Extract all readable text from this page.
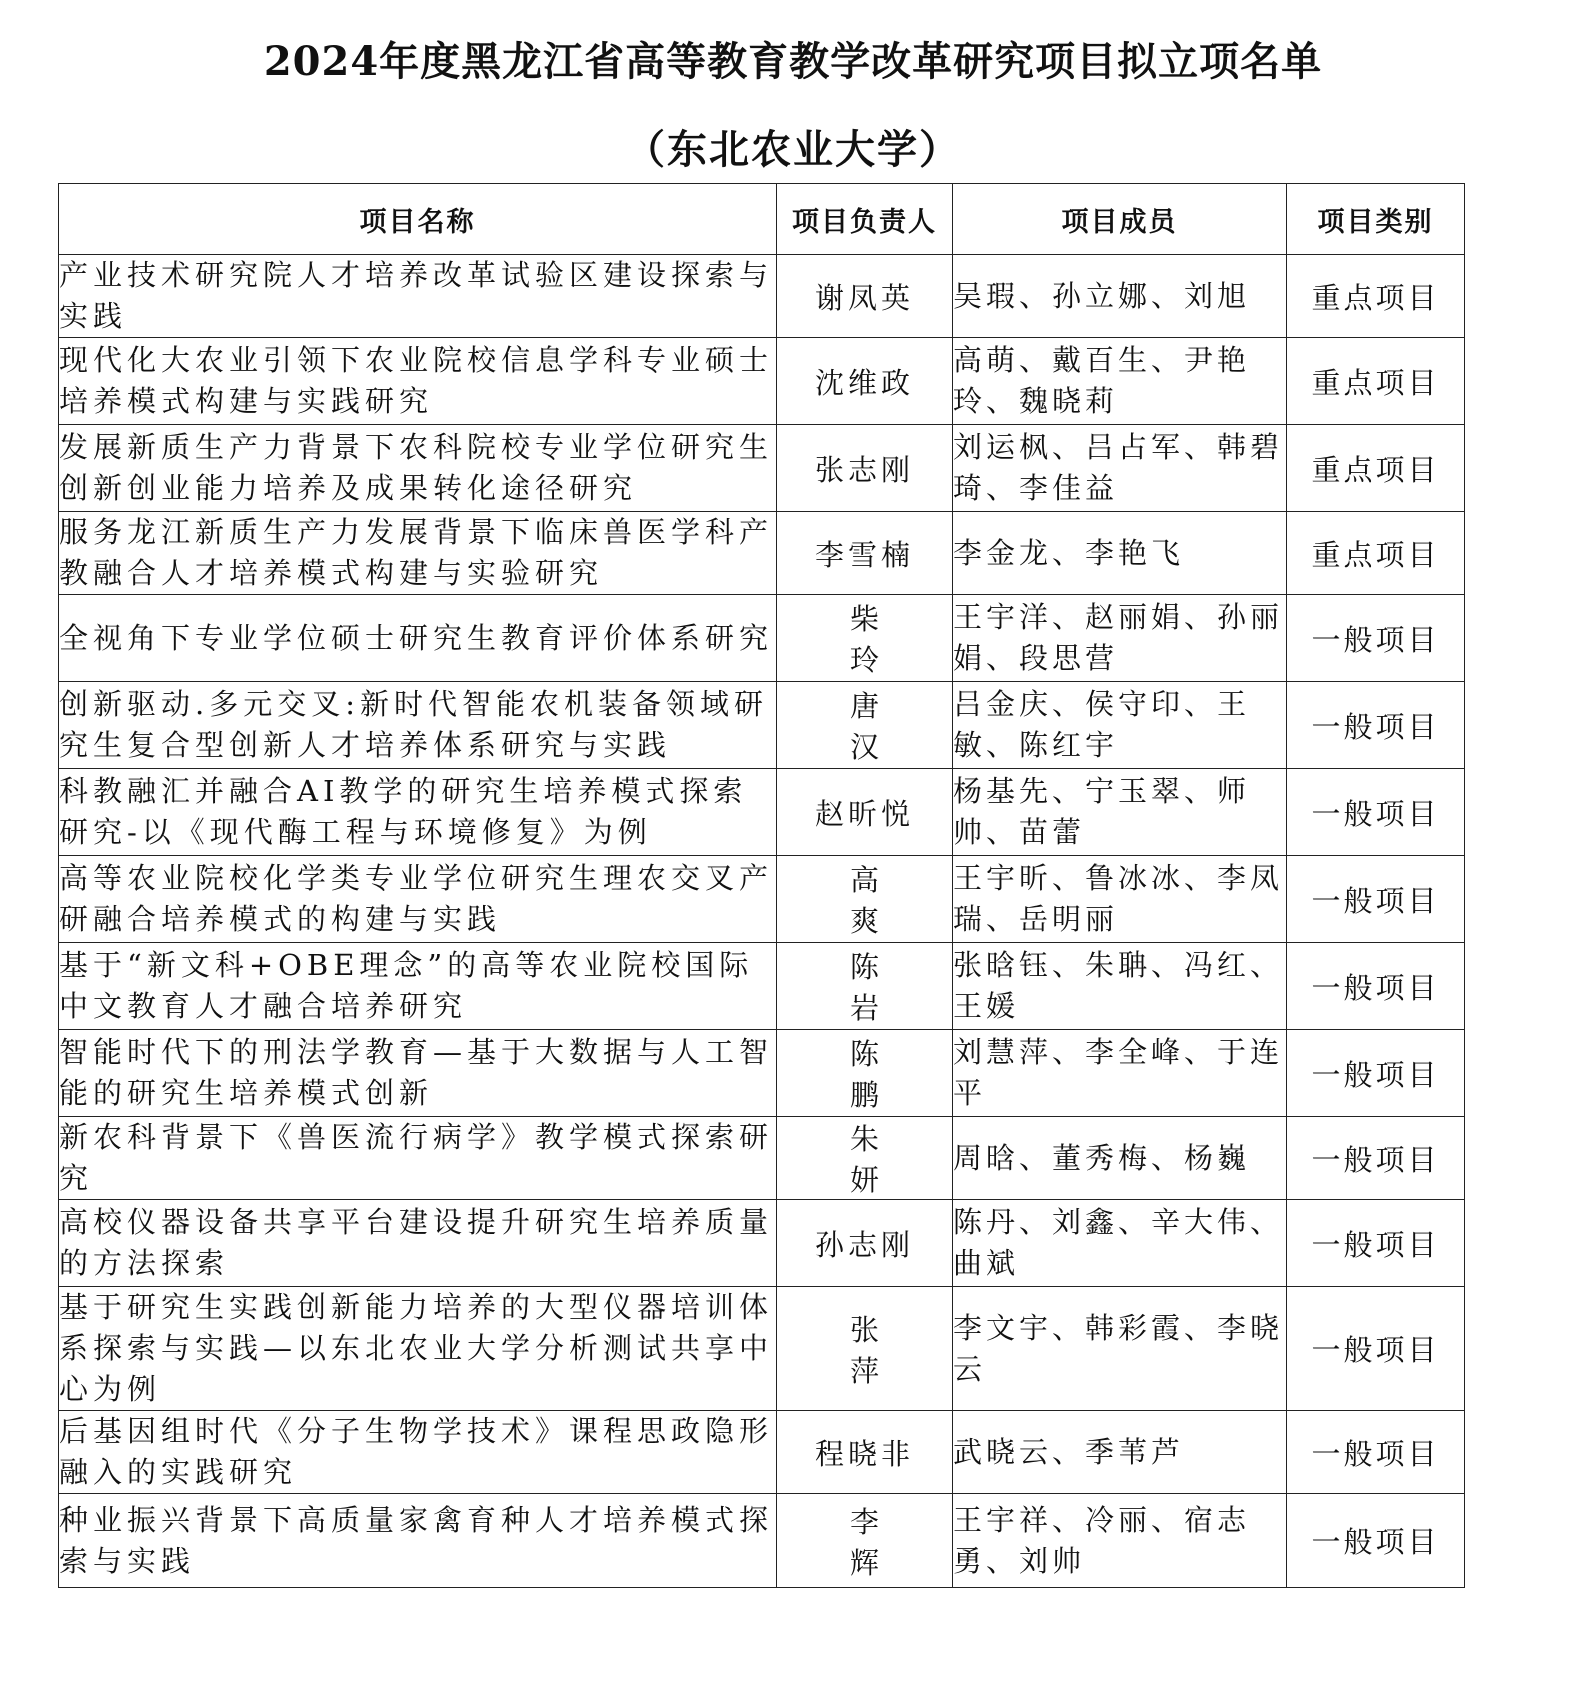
2024年度黑龙江省高等教育教学改革研究项目拟立项名单
（东北农业大学）
项目名称	项目负责人	项目成员	项目类别
产业技术研究院人才培养改革试验区建设探索与实践	谢凤英	吴瑕、孙立娜、刘旭	重点项目
现代化大农业引领下农业院校信息学科专业硕士培养模式构建与实践研究	沈维政	高萌、戴百生、尹艳玲、魏晓莉	重点项目
发展新质生产力背景下农科院校专业学位研究生创新创业能力培养及成果转化途径研究	张志刚	刘运枫、吕占军、韩碧琦、李佳益	重点项目
服务龙江新质生产力发展背景下临床兽医学科产教融合人才培养模式构建与实验研究	李雪楠	李金龙、李艳飞	重点项目
全视角下专业学位硕士研究生教育评价体系研究	柴玲	王宇洋、赵丽娟、孙丽娟、段思营	一般项目
创新驱动.多元交叉:新时代智能农机装备领域研究生复合型创新人才培养体系研究与实践	唐汉	吕金庆、侯守印、王敏、陈红宇	一般项目
科教融汇并融合AI教学的研究生培养模式探索研究-以《现代酶工程与环境修复》为例	赵昕悦	杨基先、宁玉翠、师帅、苗蕾	一般项目
高等农业院校化学类专业学位研究生理农交叉产研融合培养模式的构建与实践	高爽	王宇昕、鲁冰冰、李凤瑞、岳明丽	一般项目
基于“新文科+OBE理念”的高等农业院校国际中文教育人才融合培养研究	陈岩	张晗钰、朱聃、冯红、王媛	一般项目
智能时代下的刑法学教育—基于大数据与人工智能的研究生培养模式创新	陈鹏	刘慧萍、李全峰、于连平	一般项目
新农科背景下《兽医流行病学》教学模式探索研究	朱妍	周晗、董秀梅、杨巍	一般项目
高校仪器设备共享平台建设提升研究生培养质量的方法探索	孙志刚	陈丹、刘鑫、辛大伟、曲斌	一般项目
基于研究生实践创新能力培养的大型仪器培训体系探索与实践—以东北农业大学分析测试共享中心为例	张萍	李文宇、韩彩霞、李晓云	一般项目
后基因组时代《分子生物学技术》课程思政隐形融入的实践研究	程晓非	武晓云、季苇芦	一般项目
种业振兴背景下高质量家禽育种人才培养模式探索与实践	李辉	王宇祥、冷丽、宿志勇、刘帅	一般项目
